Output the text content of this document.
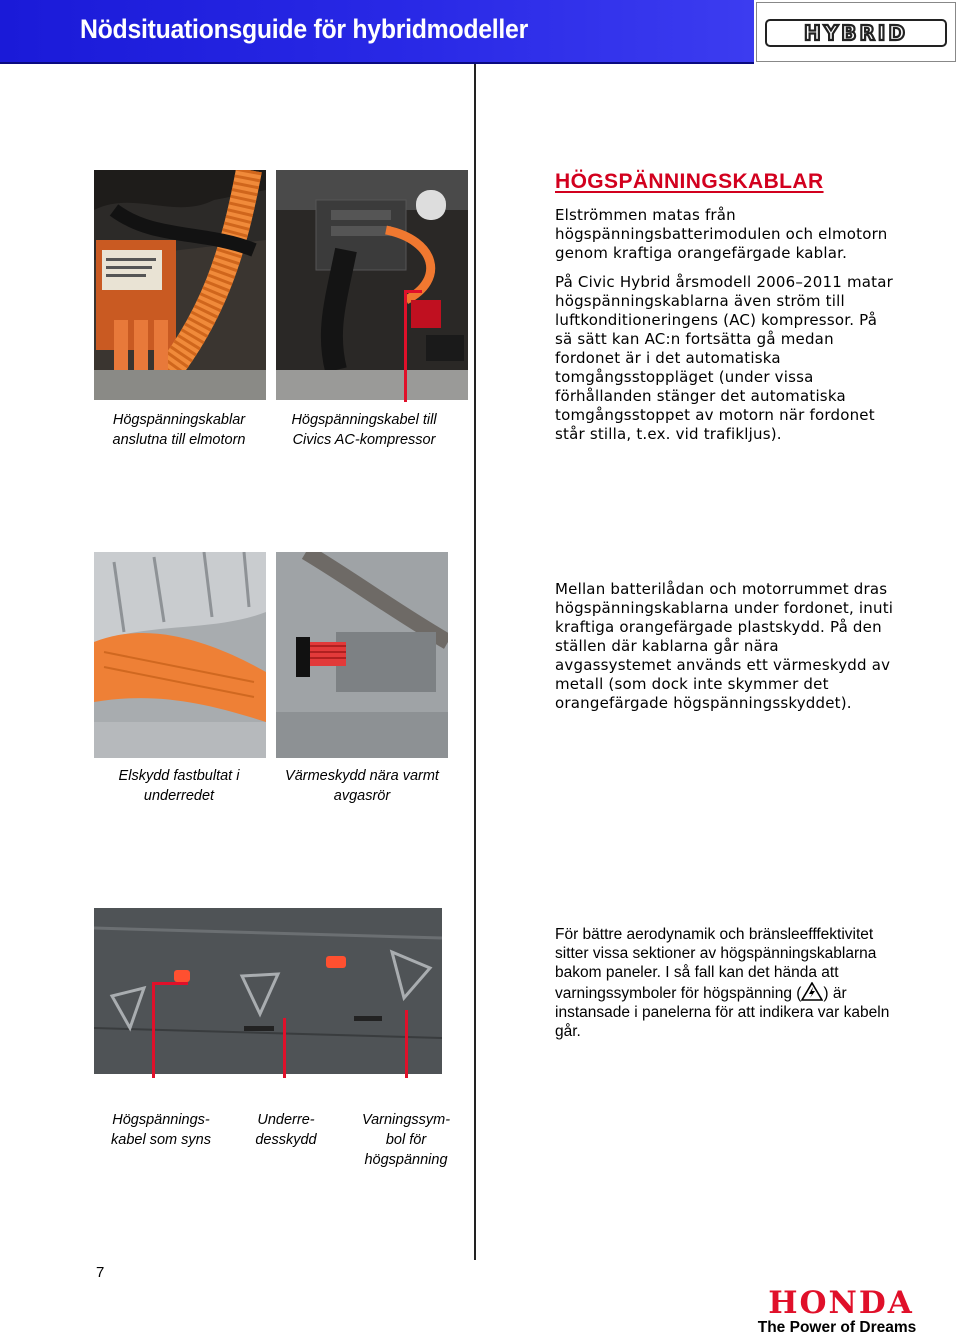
Nödsituationsguide för hybridmodeller	HYBRID
Högspänningskablar anslutna till elmotorn
Högspänningskabel till Civics AC-kompressor
HÖGSPÄNNINGSKABLAR

Elströmmen matas från högspänningsbatterimodulen och elmotorn genom kraftiga orangefärgade kablar.

På Civic Hybrid årsmodell 2006–2011 matar högspänningskablarna även ström till luftkonditioneringens (AC) kompressor. På sä sätt kan AC:n fortsätta gå medan fordonet är i det automatiska tomgångsstoppläget (under vissa förhållanden stänger det automatiska tomgångsstoppet av motorn när fordonet står stilla, t.ex. vid trafikljus).

Elskydd fastbultat i underredet
Värmeskydd nära varmt avgasrör

Mellan batterilådan och motorrummet dras högspänningskablarna under fordonet, inuti kraftiga orangefärgade plastskydd. På den ställen där kablarna går nära avgassystemet används ett värmeskydd av metall (som dock inte skymmer det orangefärgade högspänningsskyddet).

Högspännings-kabel som syns
Underre-desskydd
Varningssym-bol för högspänning

För bättre aerodynamik och bränsleefffektivitet sitter vissa sektioner av högspänningskablarna bakom paneler. I så fall kan det hända att varningssymboler för högspänning ( ) är instansade i panelerna för att indikera var kabeln går.

7
HONDA
The Power of Dreams
